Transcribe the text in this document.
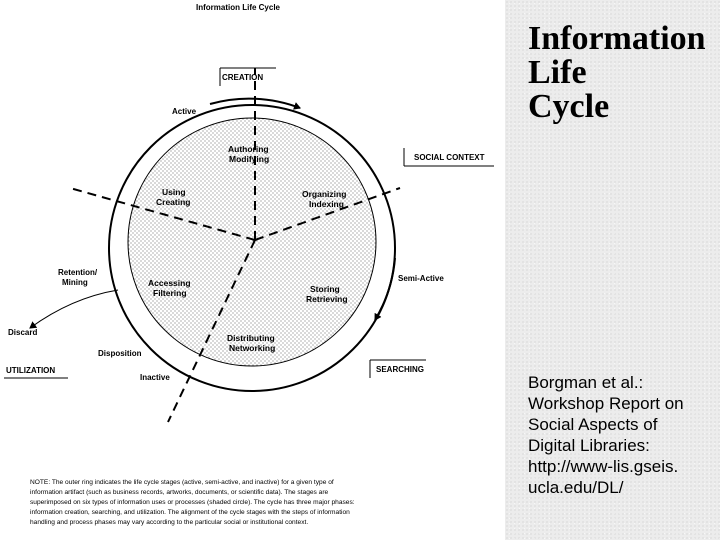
Information Life Cycle
CREATION
SOCIAL CONTEXT
SEARCHING
UTILIZATION
Active
Semi-Active
Inactive
Retention/ Mining
Discard
Disposition
Authoring Modifying
Organizing Indexing
Storing Retrieving
Distributing Networking
Accessing Filtering
Using Creating
NOTE: The outer ring indicates the life cycle stages (active, semi-active, and inactive) for a given type of information artifact (such as business records, artworks, documents, or scientific data). The stages are superimposed on six types of information uses or processes (shaded circle). The cycle has three major phases: information creation, searching, and utilization. The alignment of the cycle stages with the steps of information handling and process phases may vary according to the particular social or institutional context.
Information
Life
Cycle

Borgman et al.:
Workshop Report on
Social Aspects of
Digital Libraries:
http://www-lis.gseis.
ucla.edu/DL/
